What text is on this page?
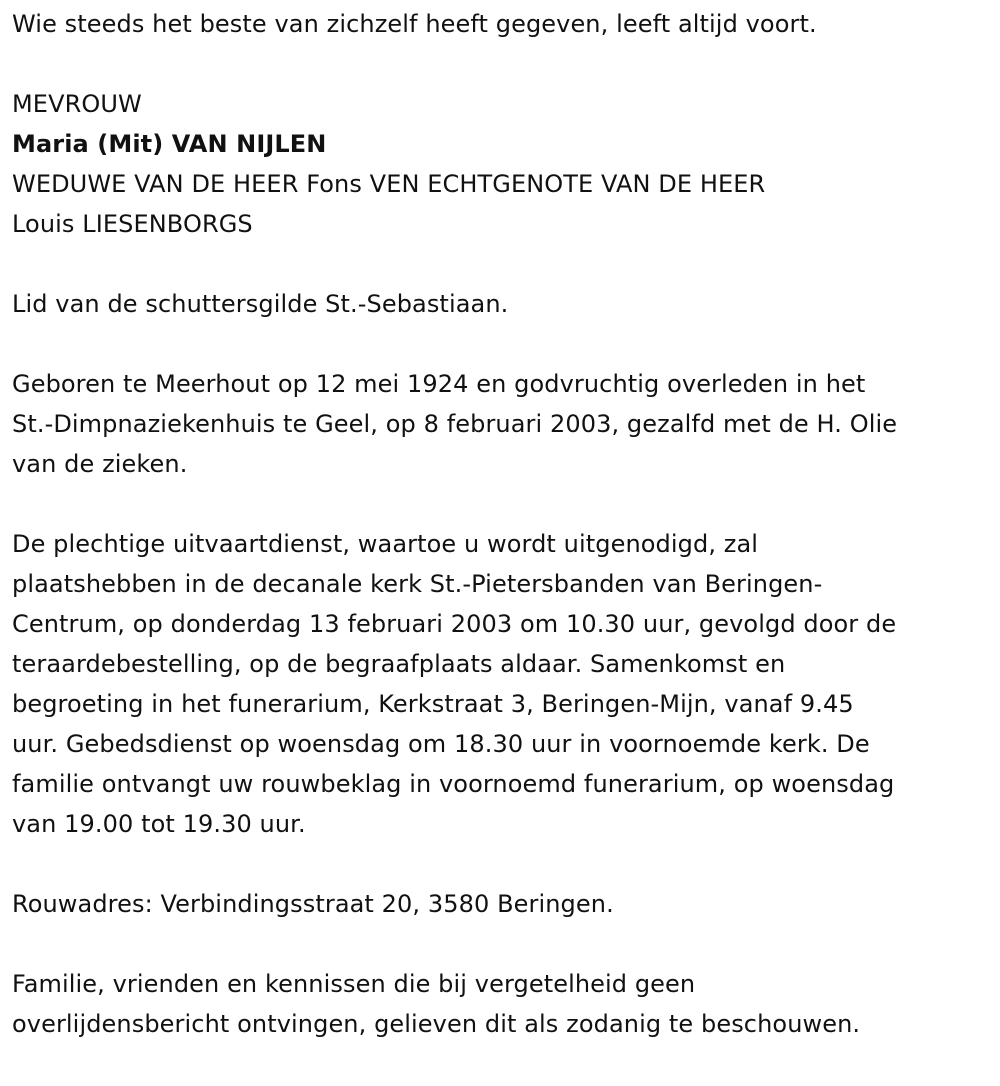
Wie steeds het beste van zichzelf heeft gegeven, leeft altijd voort.
MEVROUW
Maria (Mit) VAN NIJLEN
WEDUWE VAN DE HEER Fons VEN ECHTGENOTE VAN DE HEER
Louis LIESENBORGS
Lid van de schuttersgilde St.-Sebastiaan.
Geboren te Meerhout op 12 mei 1924 en godvruchtig overleden in het
St.-Dimpnaziekenhuis te Geel, op 8 februari 2003, gezalfd met de H. Olie
van de zieken.
De plechtige uitvaartdienst, waartoe u wordt uitgenodigd, zal
plaatshebben in de decanale kerk St.-Pietersbanden van Beringen-
Centrum, op donderdag 13 februari 2003 om 10.30 uur, gevolgd door de
teraardebestelling, op de begraafplaats aldaar. Samenkomst en
begroeting in het funerarium, Kerkstraat 3, Beringen-Mijn, vanaf 9.45
uur. Gebedsdienst op woensdag om 18.30 uur in voornoemde kerk. De
familie ontvangt uw rouwbeklag in voornoemd funerarium, op woensdag
van 19.00 tot 19.30 uur.
Rouwadres: Verbindingsstraat 20, 3580 Beringen.
Familie, vrienden en kennissen die bij vergetelheid geen
overlijdensbericht ontvingen, gelieven dit als zodanig te beschouwen.
